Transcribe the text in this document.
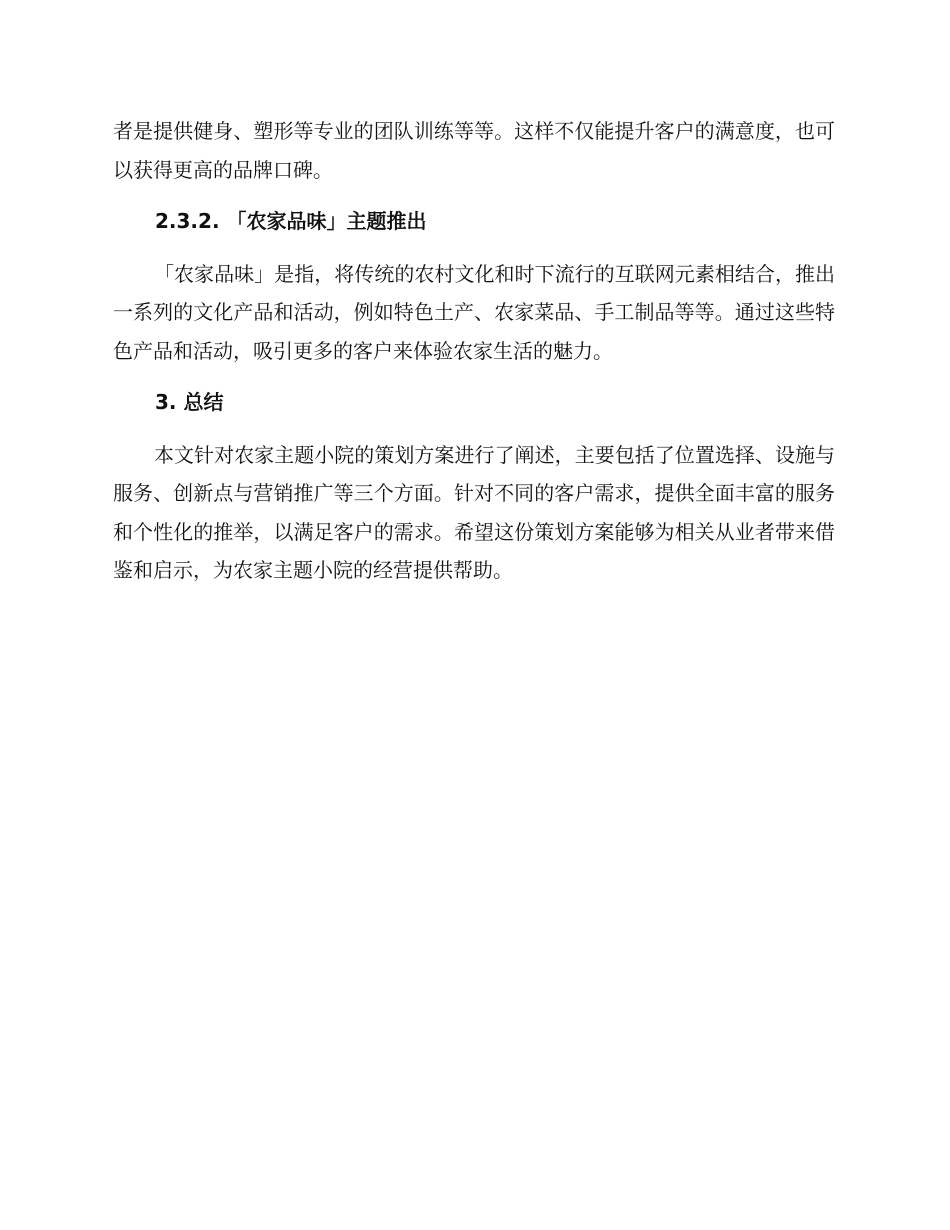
者是提供健身、塑形等专业的团队训练等等。这样不仅能提升客户的满意度，也可以获得更高的品牌口碑。

2.3.2. 「农家品味」主题推出

「农家品味」是指，将传统的农村文化和时下流行的互联网元素相结合，推出一系列的文化产品和活动，例如特色土产、农家菜品、手工制品等等。通过这些特色产品和活动，吸引更多的客户来体验农家生活的魅力。

3. 总结

本文针对农家主题小院的策划方案进行了阐述，主要包括了位置选择、设施与服务、创新点与营销推广等三个方面。针对不同的客户需求，提供全面丰富的服务和个性化的推举，以满足客户的需求。希望这份策划方案能够为相关从业者带来借鉴和启示，为农家主题小院的经营提供帮助。
